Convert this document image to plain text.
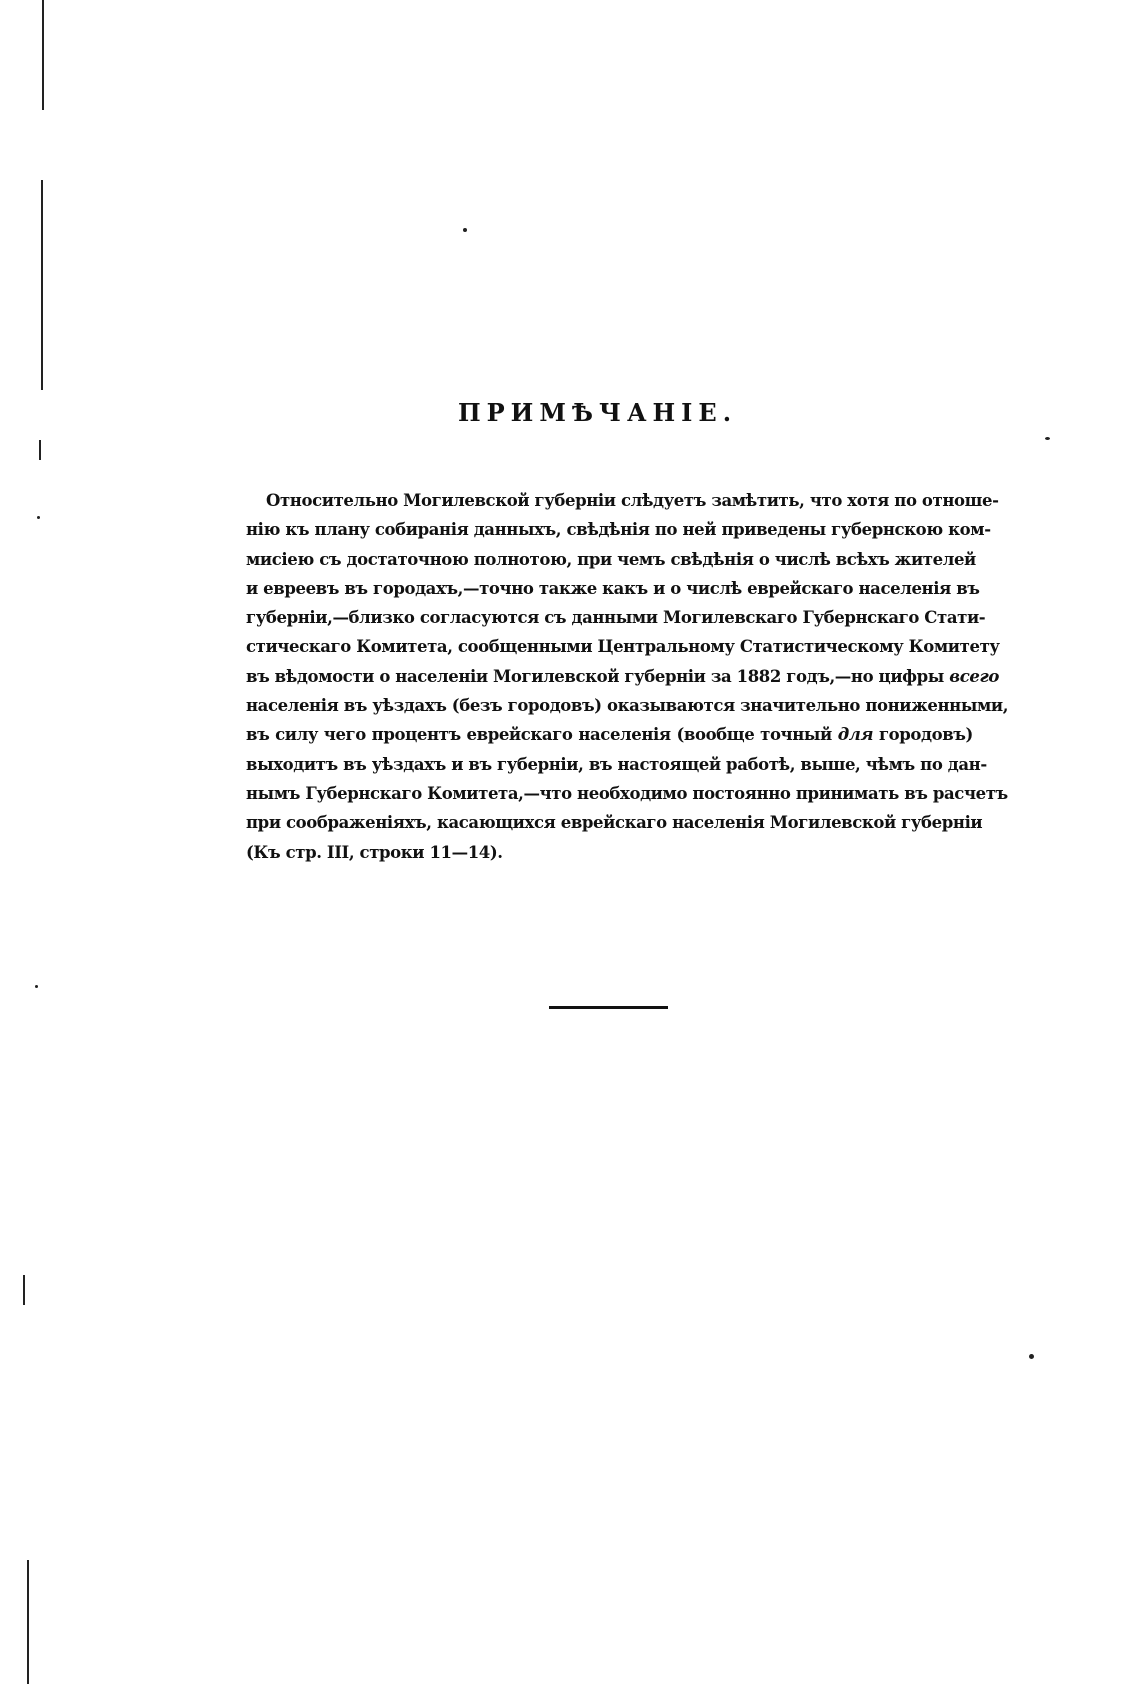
ПРИМѢЧАНІЕ.
Относительно Могилевской губерніи слѣдуетъ замѣтить, что хотя по отноше-
нію къ плану собиранія данныхъ, свѣдѣнія по ней приведены губернскою ком-
мисіею съ достаточною полнотою, при чемъ свѣдѣнія о числѣ всѣхъ жителей
и евреевъ въ городахъ,—точно также какъ и о числѣ еврейскаго населенія въ
губерніи,—близко согласуются съ данными Могилевскаго Губернскаго Стати-
стическаго Комитета, сообщенными Центральному Статистическому Комитету
въ вѣдомости о населеніи Могилевской губерніи за 1882 годъ,—но цифры всего
населенія въ уѣздахъ (безъ городовъ) оказываются значительно пониженными,
въ силу чего процентъ еврейскаго населенія (вообще точный для городовъ)
выходитъ въ уѣздахъ и въ губерніи, въ настоящей работѣ, выше, чѣмъ по дан-
нымъ Губернскаго Комитета,—что необходимо постоянно принимать въ расчетъ
при соображеніяхъ, касающихся еврейскаго населенія Могилевской губерніи
(Къ стр. III, строки 11—14).
